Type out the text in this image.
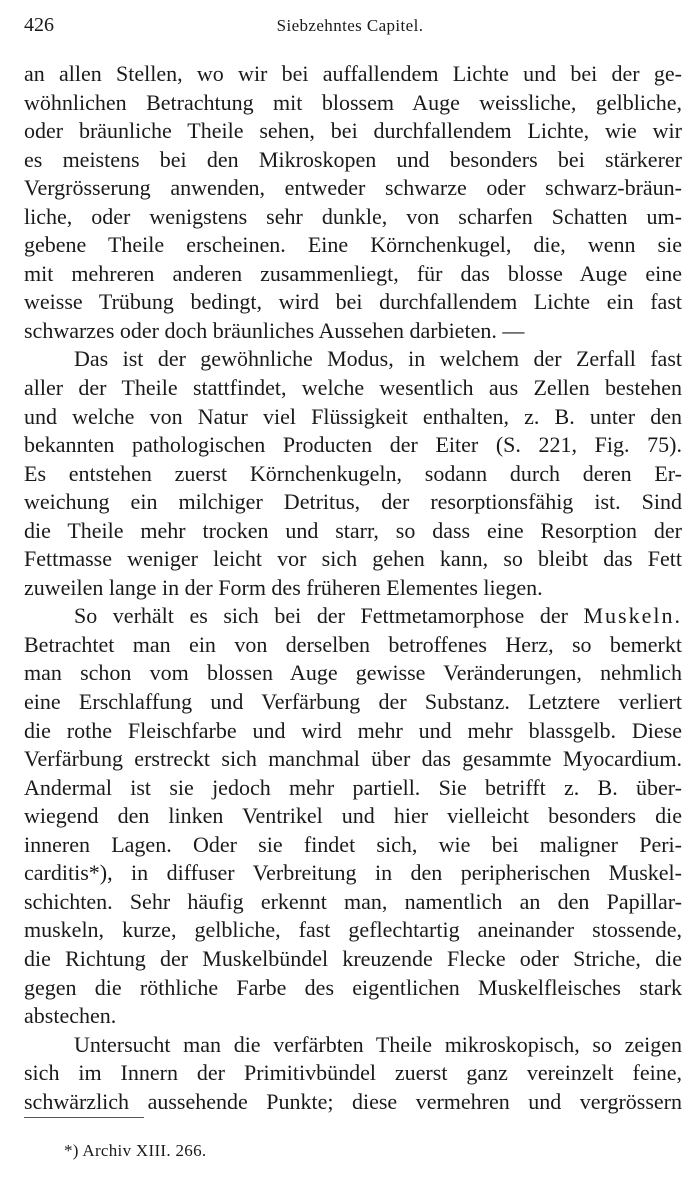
426	Siebzehntes Capitel.
an allen Stellen, wo wir bei auffallendem Lichte und bei der ge-
wöhnlichen Betrachtung mit blossem Auge weissliche, gelbliche,
oder bräunliche Theile sehen, bei durchfallendem Lichte, wie wir
es meistens bei den Mikroskopen und besonders bei stärkerer
Vergrösserung anwenden, entweder schwarze oder schwarz-bräun-
liche, oder wenigstens sehr dunkle, von scharfen Schatten um-
gebene Theile erscheinen. Eine Körnchenkugel, die, wenn sie
mit mehreren anderen zusammenliegt, für das blosse Auge eine
weisse Trübung bedingt, wird bei durchfallendem Lichte ein fast
schwarzes oder doch bräunliches Aussehen darbieten. —
Das ist der gewöhnliche Modus, in welchem der Zerfall fast
aller der Theile stattfindet, welche wesentlich aus Zellen bestehen
und welche von Natur viel Flüssigkeit enthalten, z. B. unter den
bekannten pathologischen Producten der Eiter (S. 221, Fig. 75).
Es entstehen zuerst Körnchenkugeln, sodann durch deren Er-
weichung ein milchiger Detritus, der resorptionsfähig ist. Sind
die Theile mehr trocken und starr, so dass eine Resorption der
Fettmasse weniger leicht vor sich gehen kann, so bleibt das Fett
zuweilen lange in der Form des früheren Elementes liegen.
So verhält es sich bei der Fettmetamorphose der Muskeln.
Betrachtet man ein von derselben betroffenes Herz, so bemerkt
man schon vom blossen Auge gewisse Veränderungen, nehmlich
eine Erschlaffung und Verfärbung der Substanz. Letztere verliert
die rothe Fleischfarbe und wird mehr und mehr blassgelb. Diese
Verfärbung erstreckt sich manchmal über das gesammte Myocardium.
Andermal ist sie jedoch mehr partiell. Sie betrifft z. B. über-
wiegend den linken Ventrikel und hier vielleicht besonders die
inneren Lagen. Oder sie findet sich, wie bei maligner Peri-
carditis*), in diffuser Verbreitung in den peripherischen Muskel-
schichten. Sehr häufig erkennt man, namentlich an den Papillar-
muskeln, kurze, gelbliche, fast geflechtartig aneinander stossende,
die Richtung der Muskelbündel kreuzende Flecke oder Striche, die
gegen die röthliche Farbe des eigentlichen Muskelfleisches stark
abstechen.
Untersucht man die verfärbten Theile mikroskopisch, so zeigen
sich im Innern der Primitivbündel zuerst ganz vereinzelt feine,
schwärzlich aussehende Punkte; diese vermehren und vergrössern
*) Archiv XIII. 266.
